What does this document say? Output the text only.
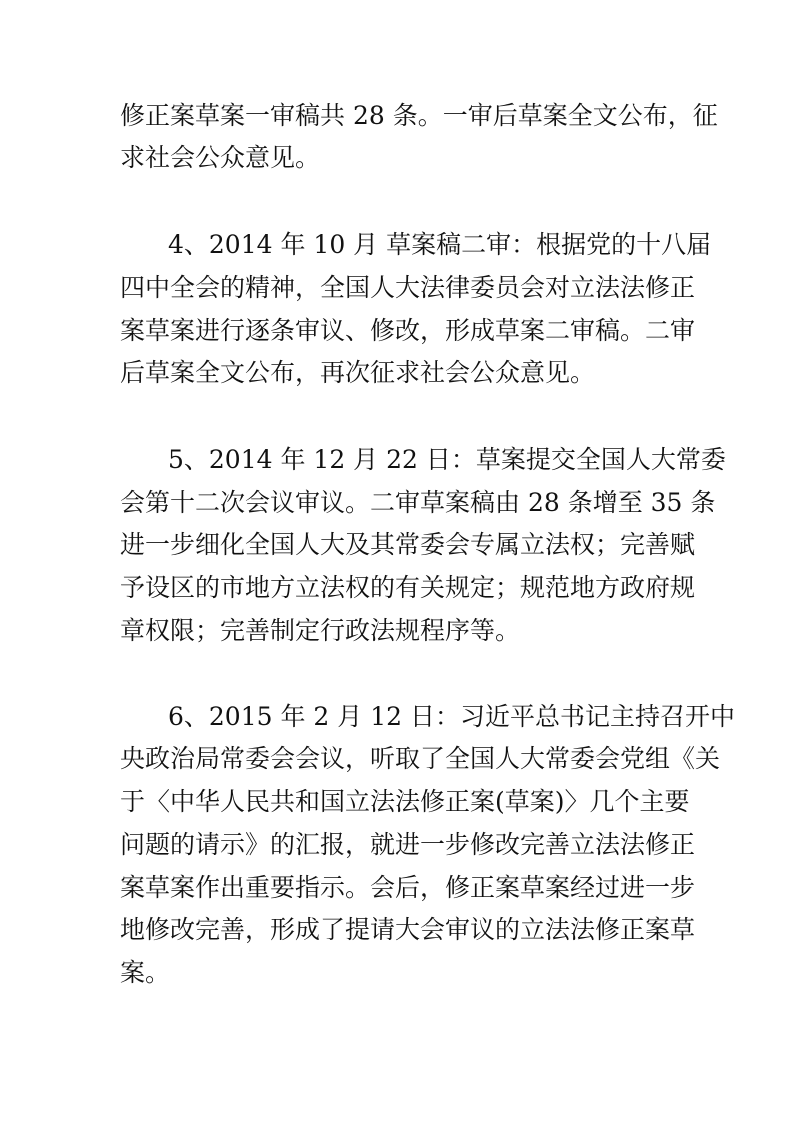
修正案草案一审稿共 28 条。一审后草案全文公布，征
求社会公众意见。
4、2014 年 10 月 草案稿二审：根据党的十八届
四中全会的精神，全国人大法律委员会对立法法修正
案草案进行逐条审议、修改，形成草案二审稿。二审
后草案全文公布，再次征求社会公众意见。
5、2014 年 12 月 22 日：草案提交全国人大常委
会第十二次会议审议。二审草案稿由 28 条增至 35 条
进一步细化全国人大及其常委会专属立法权；完善赋
予设区的市地方立法权的有关规定；规范地方政府规
章权限；完善制定行政法规程序等。
6、2015 年 2 月 12 日：习近平总书记主持召开中
央政治局常委会会议，听取了全国人大常委会党组《关
于〈中华人民共和国立法法修正案(草案)〉几个主要
问题的请示》的汇报，就进一步修改完善立法法修正
案草案作出重要指示。会后，修正案草案经过进一步
地修改完善，形成了提请大会审议的立法法修正案草
案。
